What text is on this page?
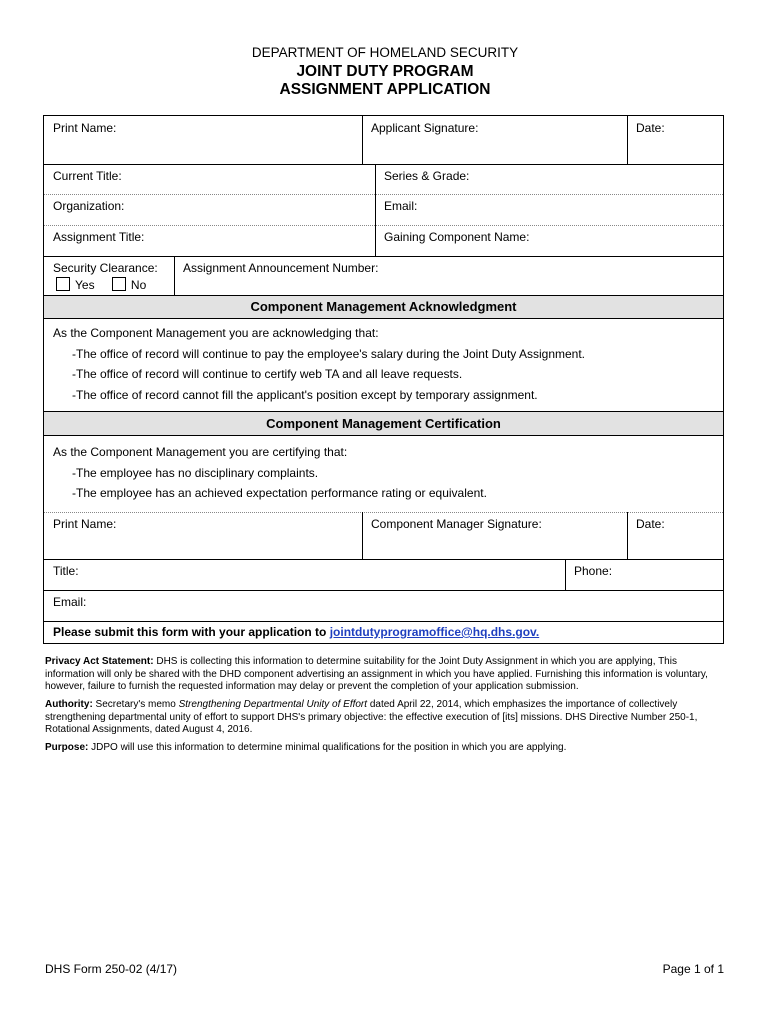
DEPARTMENT OF HOMELAND SECURITY
JOINT DUTY PROGRAM
ASSIGNMENT APPLICATION
Print Name:	Applicant Signature:	Date:
Current Title:	Series & Grade:
Organization:	Email:
Assignment Title:	Gaining Component Name:
Security Clearance:
Yes	No
Assignment Announcement Number:
Component Management Acknowledgment
As the Component Management you are acknowledging that:
-The office of record will continue to pay the employee's salary during the Joint Duty Assignment.
-The office of record will continue to certify web TA and all leave requests.
-The office of record cannot fill the applicant's position except by temporary assignment.
Component Management Certification
As the Component Management you are certifying that:
-The employee has no disciplinary complaints.
-The employee has an achieved expectation performance rating or equivalent.
Print Name:	Component Manager Signature:	Date:
Title:	Phone:
Email:
Please submit this form with your application to jointdutyprogramoffice@hq.dhs.gov.
Privacy Act Statement: DHS is collecting this information to determine suitability for the Joint Duty Assignment in which you are applying, This information will only be shared with the DHD component advertising an assignment in which you have applied. Furnishing this information is voluntary, however, failure to furnish the requested information may delay or prevent the completion of your application submission.
Authority: Secretary's memo Strengthening Departmental Unity of Effort dated April 22, 2014, which emphasizes the importance of collectively strengthening departmental unity of effort to support DHS's primary objective: the effective execution of [its] missions. DHS Directive Number 250-1, Rotational Assignments, dated August 4, 2016.
Purpose: JDPO will use this information to determine minimal qualifications for the position in which you are applying.
DHS Form 250-02 (4/17)	Page 1 of 1
